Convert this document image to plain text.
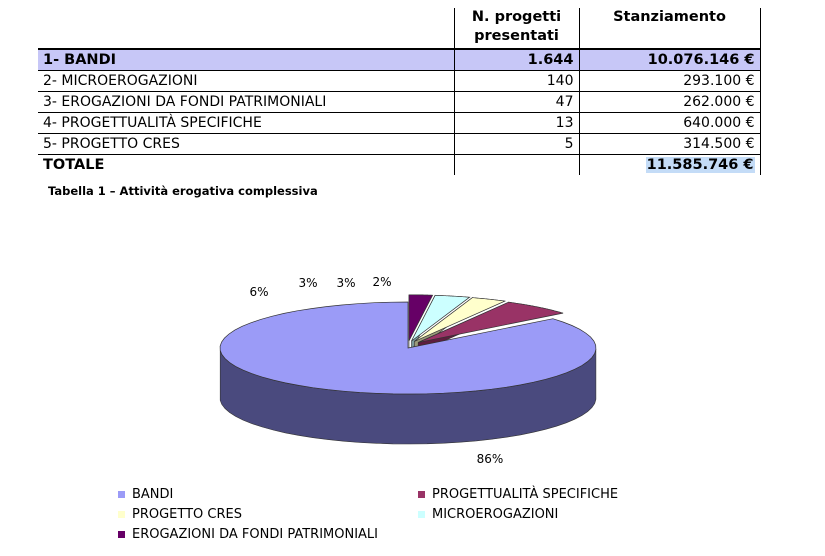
	N. progetti presentati	Stanziamento
1- BANDI	1.644	10.076.146 €
2- MICROEROGAZIONI	140	293.100 €
3- EROGAZIONI DA FONDI PATRIMONIALI	47	262.000 €
4- PROGETTUALITÀ SPECIFICHE	13	640.000 €
5- PROGETTO CRES	5	314.500 €
TOTALE		11.585.746 €
Tabella 1 – Attività erogativa complessiva
86%
6%
3% 3% 2%
BANDI	PROGETTUALITÀ SPECIFICHE
PROGETTO CRES	MICROEROGAZIONI
EROGAZIONI DA FONDI PATRIMONIALI
